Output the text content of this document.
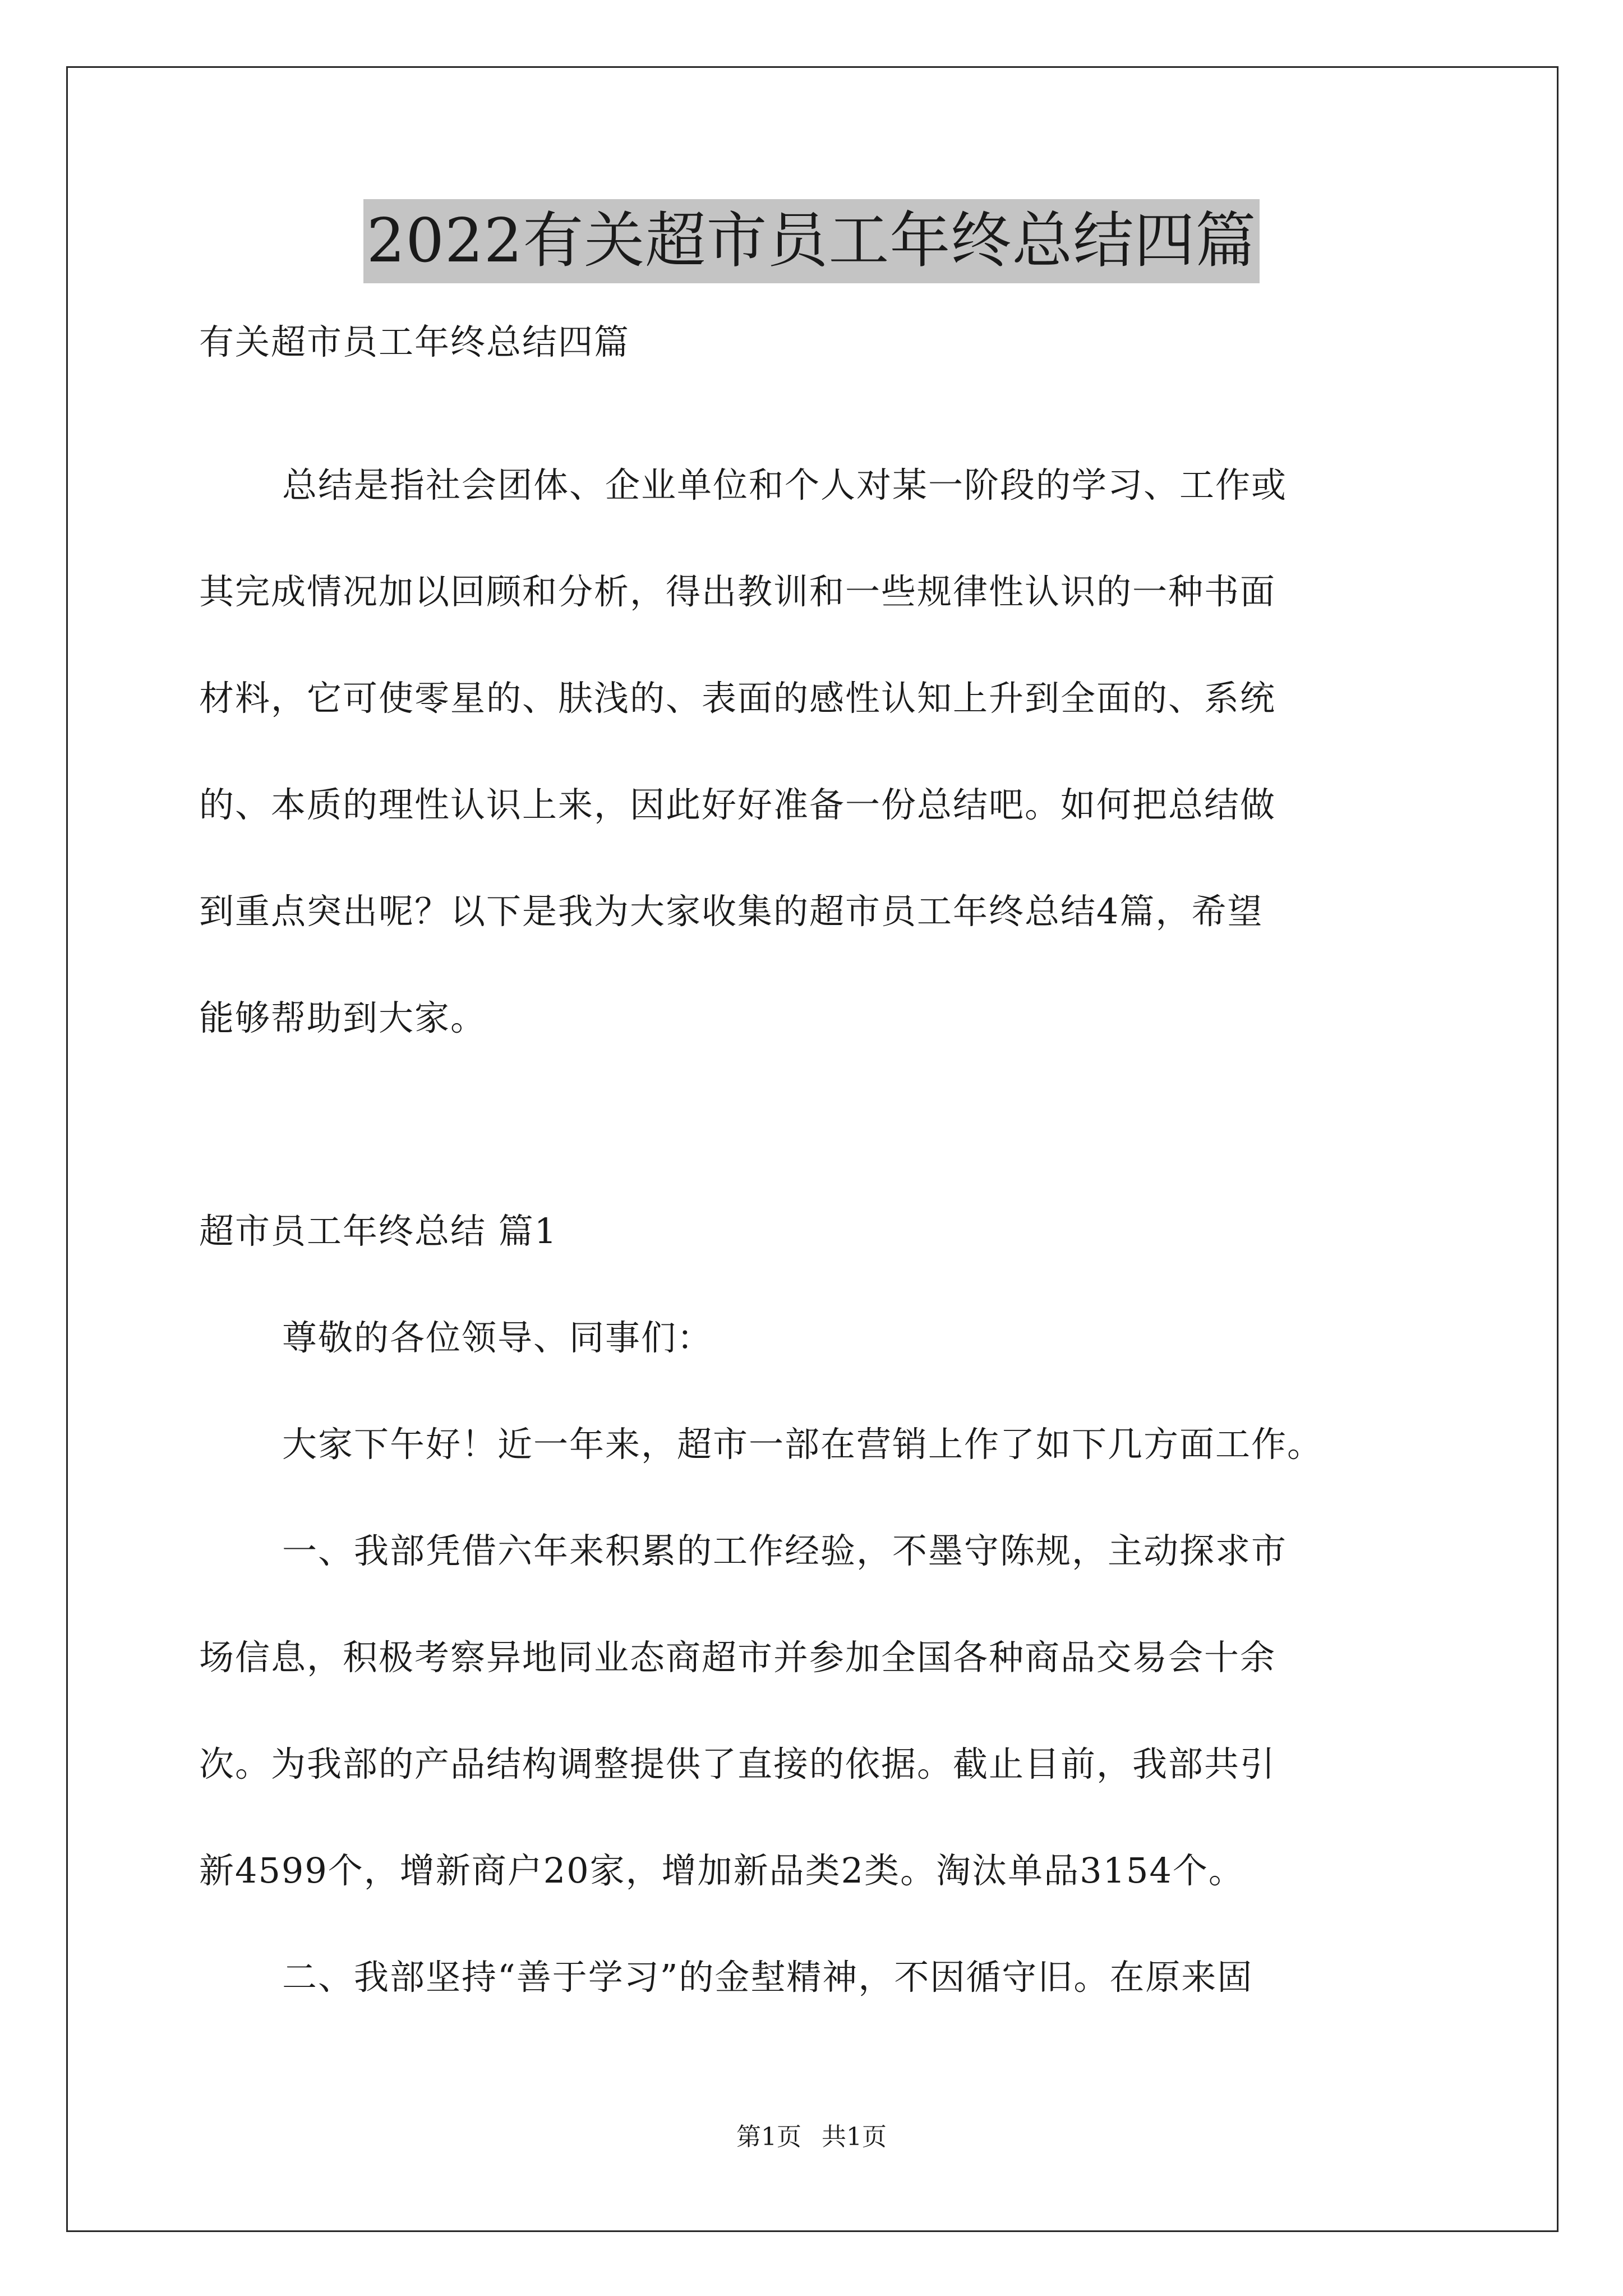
2022有关超市员工年终总结四篇
有关超市员工年终总结四篇
总结是指社会团体、企业单位和个人对某一阶段的学习、工作或
其完成情况加以回顾和分析，得出教训和一些规律性认识的一种书面
材料，它可使零星的、肤浅的、表面的感性认知上升到全面的、系统
的、本质的理性认识上来，因此好好准备一份总结吧。如何把总结做
到重点突出呢？以下是我为大家收集的超市员工年终总结4篇，希望
能够帮助到大家。
超市员工年终总结 篇1
尊敬的各位领导、同事们：
大家下午好！近一年来，超市一部在营销上作了如下几方面工作。
一、我部凭借六年来积累的工作经验，不墨守陈规，主动探求市
场信息，积极考察异地同业态商超市并参加全国各种商品交易会十余
次。为我部的产品结构调整提供了直接的依据。截止目前，我部共引
新4599个，增新商户20家，增加新品类2类。淘汰单品3154个。
二、我部坚持“善于学习”的金堼精神，不因循守旧。在原来固
第1页 共1页
